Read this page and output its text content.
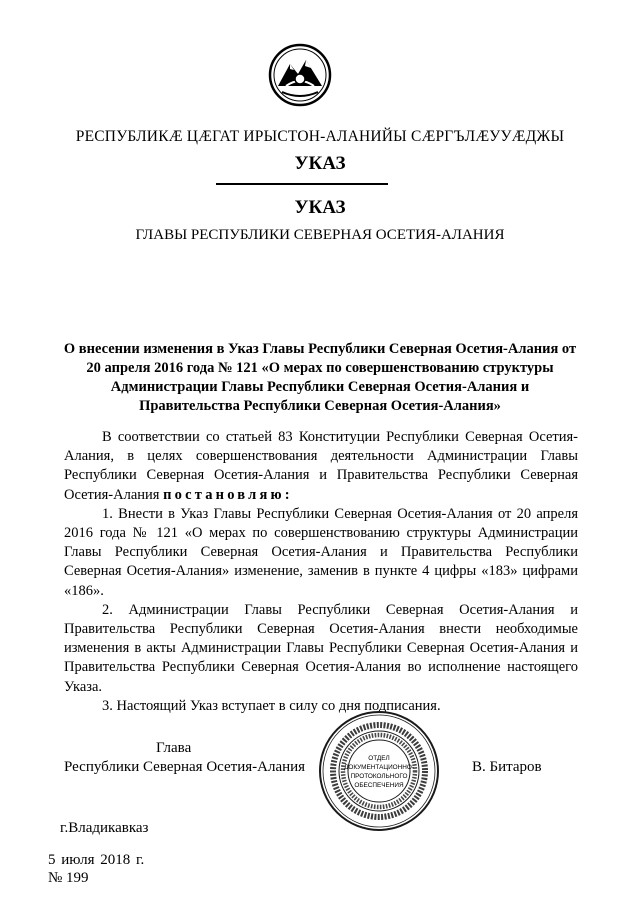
РЕСПУБЛИКӔ ЦӔГАТ ИРЫСТОН-АЛАНИЙЫ СӔРГЪЛӔУУӔДЖЫ
УКАЗ
УКАЗ
ГЛАВЫ РЕСПУБЛИКИ СЕВЕРНАЯ ОСЕТИЯ-АЛАНИЯ
О внесении изменения в Указ Главы Республики Северная Осетия-Алания от 20 апреля 2016 года № 121 «О мерах по совершенствованию структуры Администрации Главы Республики Северная Осетия-Алания и Правительства Республики Северная Осетия-Алания»

В соответствии со статьей 83 Конституции Республики Северная Осетия-Алания, в целях совершенствования деятельности Администрации Главы Республики Северная Осетия-Алания и Правительства Республики Северная Осетия-Алания постановляю:

1. Внести в Указ Главы Республики Северная Осетия-Алания от 20 апреля 2016 года № 121 «О мерах по совершенствованию структуры Администрации Главы Республики Северная Осетия-Алания и Правительства Республики Северная Осетия-Алания» изменение, заменив в пункте 4 цифры «183» цифрами «186».

2. Администрации Главы Республики Северная Осетия-Алания и Правительства Республики Северная Осетия-Алания внести необходимые изменения в акты Администрации Главы Республики Северная Осетия-Алания и Правительства Республики Северная Осетия-Алания во исполнение настоящего Указа.

3. Настоящий Указ вступает в силу со дня подписания.

Глава
Республики Северная Осетия-Алания
ОТДЕЛ
ДОКУМЕНТАЦИОННО-
ПРОТОКОЛЬНОГО
ОБЕСПЕЧЕНИЯ
В. Битаров
г.Владикавказ
5 июля 2018 г.
№ 199
